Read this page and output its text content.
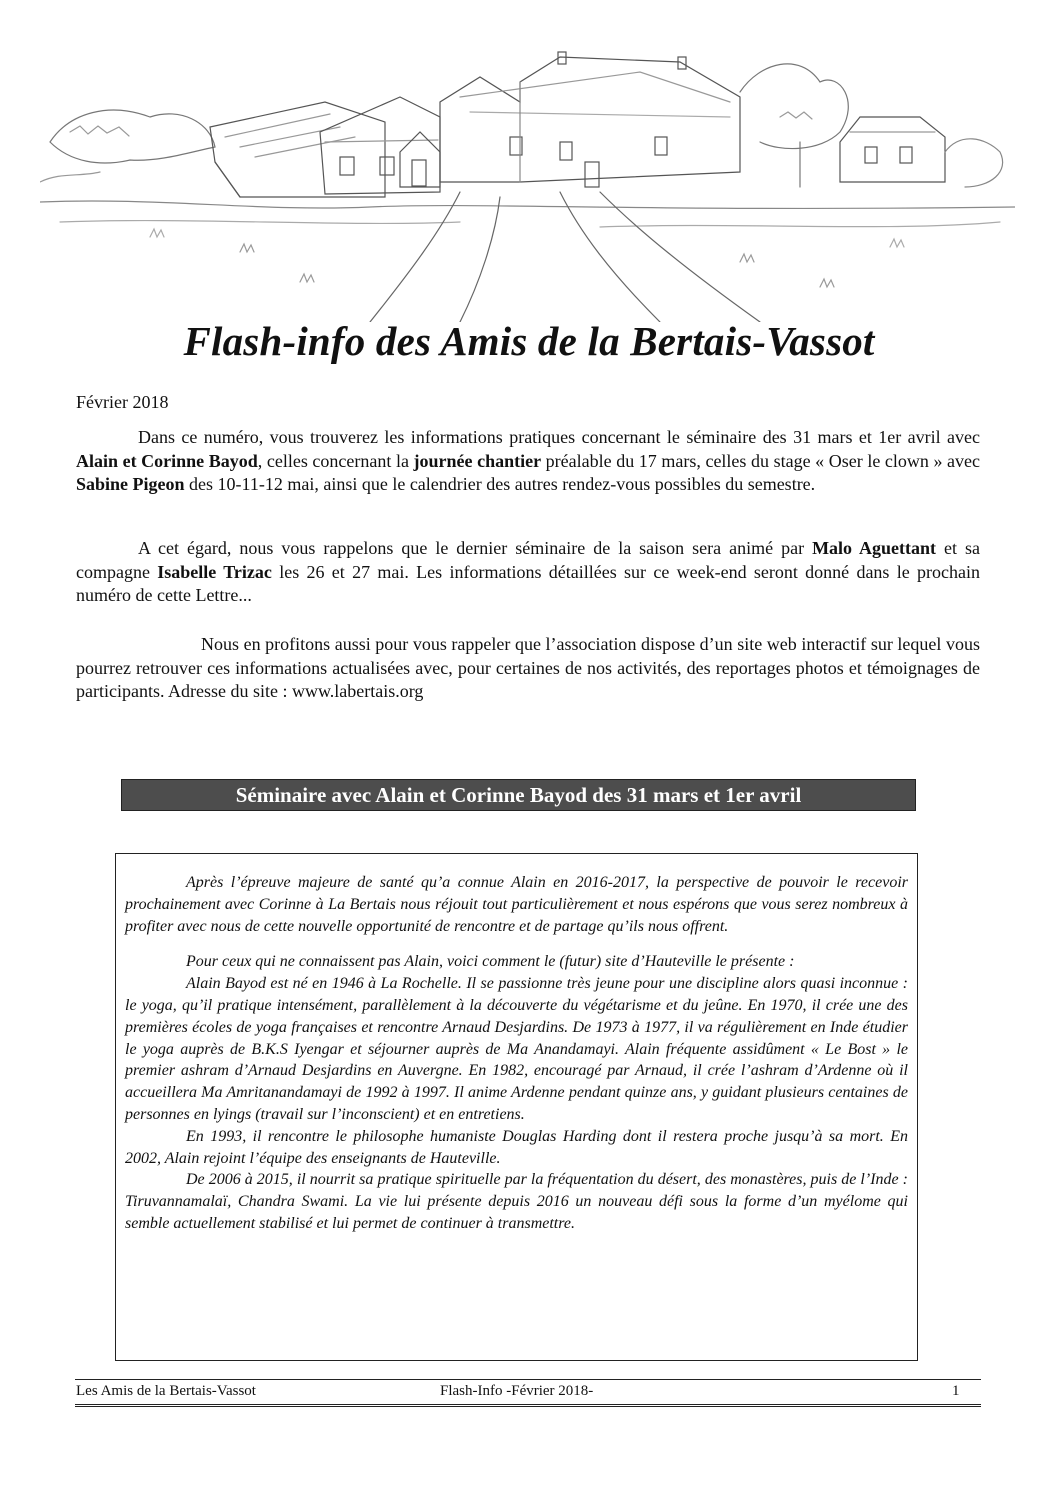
Flash-info des Amis de la Bertais-Vassot
Février 2018
Dans ce numéro, vous trouverez les informations pratiques concernant le séminaire des 31 mars et 1er avril avec Alain et Corinne Bayod, celles concernant la journée chantier préalable du 17 mars, celles du stage « Oser le clown » avec Sabine Pigeon des 10-11-12 mai, ainsi que le calendrier des autres rendez-vous possibles du semestre.
A cet égard, nous vous rappelons que le dernier séminaire de la saison sera animé par Malo Aguettant et sa compagne Isabelle Trizac les 26 et 27 mai. Les informations détaillées sur ce week-end seront donné dans le prochain numéro de cette Lettre...
Nous en profitons aussi pour vous rappeler que l’association dispose d’un site web interactif sur lequel vous pourrez retrouver ces informations actualisées avec, pour certaines de nos activités, des reportages photos et témoignages de participants. Adresse du site : www.labertais.org
Séminaire avec Alain et Corinne Bayod des 31 mars et 1er avril

Après l’épreuve majeure de santé qu’a connue Alain en 2016-2017, la perspective de pouvoir le recevoir prochainement avec Corinne à La Bertais nous réjouit tout particulièrement et nous espérons que vous serez nombreux à profiter avec nous de cette nouvelle opportunité de rencontre et de partage qu’ils nous offrent.

Pour ceux qui ne connaissent pas Alain, voici comment le (futur) site d’Hauteville le présente :

Alain Bayod est né en 1946 à La Rochelle. Il se passionne très jeune pour une discipline alors quasi inconnue : le yoga, qu’il pratique intensément, parallèlement à la découverte du végétarisme et du jeûne. En 1970, il crée une des premières écoles de yoga françaises et rencontre Arnaud Desjardins. De 1973 à 1977, il va régulièrement en Inde étudier le yoga auprès de B.K.S Iyengar et séjourner auprès de Ma Anandamayi. Alain fréquente assidûment « Le Bost » le premier ashram d’Arnaud Desjardins en Auvergne. En 1982, encouragé par Arnaud, il crée l’ashram d’Ardenne où il accueillera Ma Amritanandamayi de 1992 à 1997. Il anime Ardenne pendant quinze ans, y guidant plusieurs centaines de personnes en lyings (travail sur l’inconscient) et en entretiens.

En 1993, il rencontre le philosophe humaniste Douglas Harding dont il restera proche jusqu’à sa mort. En 2002, Alain rejoint l’équipe des enseignants de Hauteville.

De 2006 à 2015, il nourrit sa pratique spirituelle par la fréquentation du désert, des monastères, puis de l’Inde : Tiruvannamalaï, Chandra Swami. La vie lui présente depuis 2016 un nouveau défi sous la forme d’un myélome qui semble actuellement stabilisé et lui permet de continuer à transmettre.

Les Amis de la Bertais-Vassot	Flash-Info -Février 2018-	1
